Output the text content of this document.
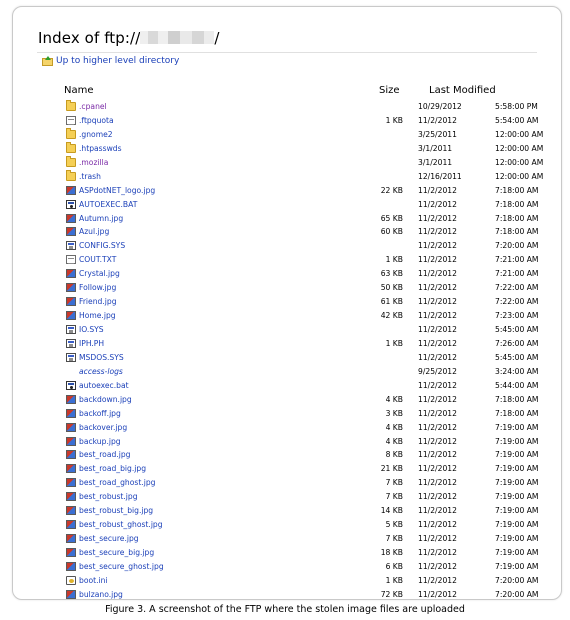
Index of ftp://	/
Up to higher level directory
Name	Size	Last Modified
.cpanel	10/29/2012	5:58:00 PM
.ftpquota	1 KB 11/2/2012	5:54:00 AM
.gnome2	3/25/2011	12:00:00 AM
.htpasswds	3/1/2011	12:00:00 AM
.mozilla	3/1/2011	12:00:00 AM
.trash	12/16/2011	12:00:00 AM
ASPdotNET_logo.jpg	22 KB 11/2/2012	7:18:00 AM
AUTOEXEC.BAT	11/2/2012	7:18:00 AM
Autumn.jpg	65 KB 11/2/2012	7:18:00 AM
Azul.jpg	60 KB 11/2/2012	7:18:00 AM
CONFIG.SYS	11/2/2012	7:20:00 AM
COUT.TXT	1 KB 11/2/2012	7:21:00 AM
Crystal.jpg	63 KB 11/2/2012	7:21:00 AM
Follow.jpg	50 KB 11/2/2012	7:22:00 AM
Friend.jpg	61 KB 11/2/2012	7:22:00 AM
Home.jpg	42 KB 11/2/2012	7:23:00 AM
IO.SYS	11/2/2012	5:45:00 AM
IPH.PH	1 KB 11/2/2012	7:26:00 AM
MSDOS.SYS	11/2/2012	5:45:00 AM
access-logs	9/25/2012	3:24:00 AM
autoexec.bat	11/2/2012	5:44:00 AM
backdown.jpg	4 KB 11/2/2012	7:18:00 AM
backoff.jpg	3 KB 11/2/2012	7:18:00 AM
backover.jpg	4 KB 11/2/2012	7:19:00 AM
backup.jpg	4 KB 11/2/2012	7:19:00 AM
best_road.jpg	8 KB 11/2/2012	7:19:00 AM
best_road_big.jpg	21 KB 11/2/2012	7:19:00 AM
best_road_ghost.jpg	7 KB 11/2/2012	7:19:00 AM
best_robust.jpg	7 KB 11/2/2012	7:19:00 AM
best_robust_big.jpg	14 KB 11/2/2012	7:19:00 AM
best_robust_ghost.jpg	5 KB 11/2/2012	7:19:00 AM
best_secure.jpg	7 KB 11/2/2012	7:19:00 AM
best_secure_big.jpg	18 KB 11/2/2012	7:19:00 AM
best_secure_ghost.jpg	6 KB 11/2/2012	7:19:00 AM
boot.ini	1 KB 11/2/2012	7:20:00 AM
bulzano.jpg	72 KB 11/2/2012	7:20:00 AM
Figure 3. A screenshot of the FTP where the stolen image files are uploaded
